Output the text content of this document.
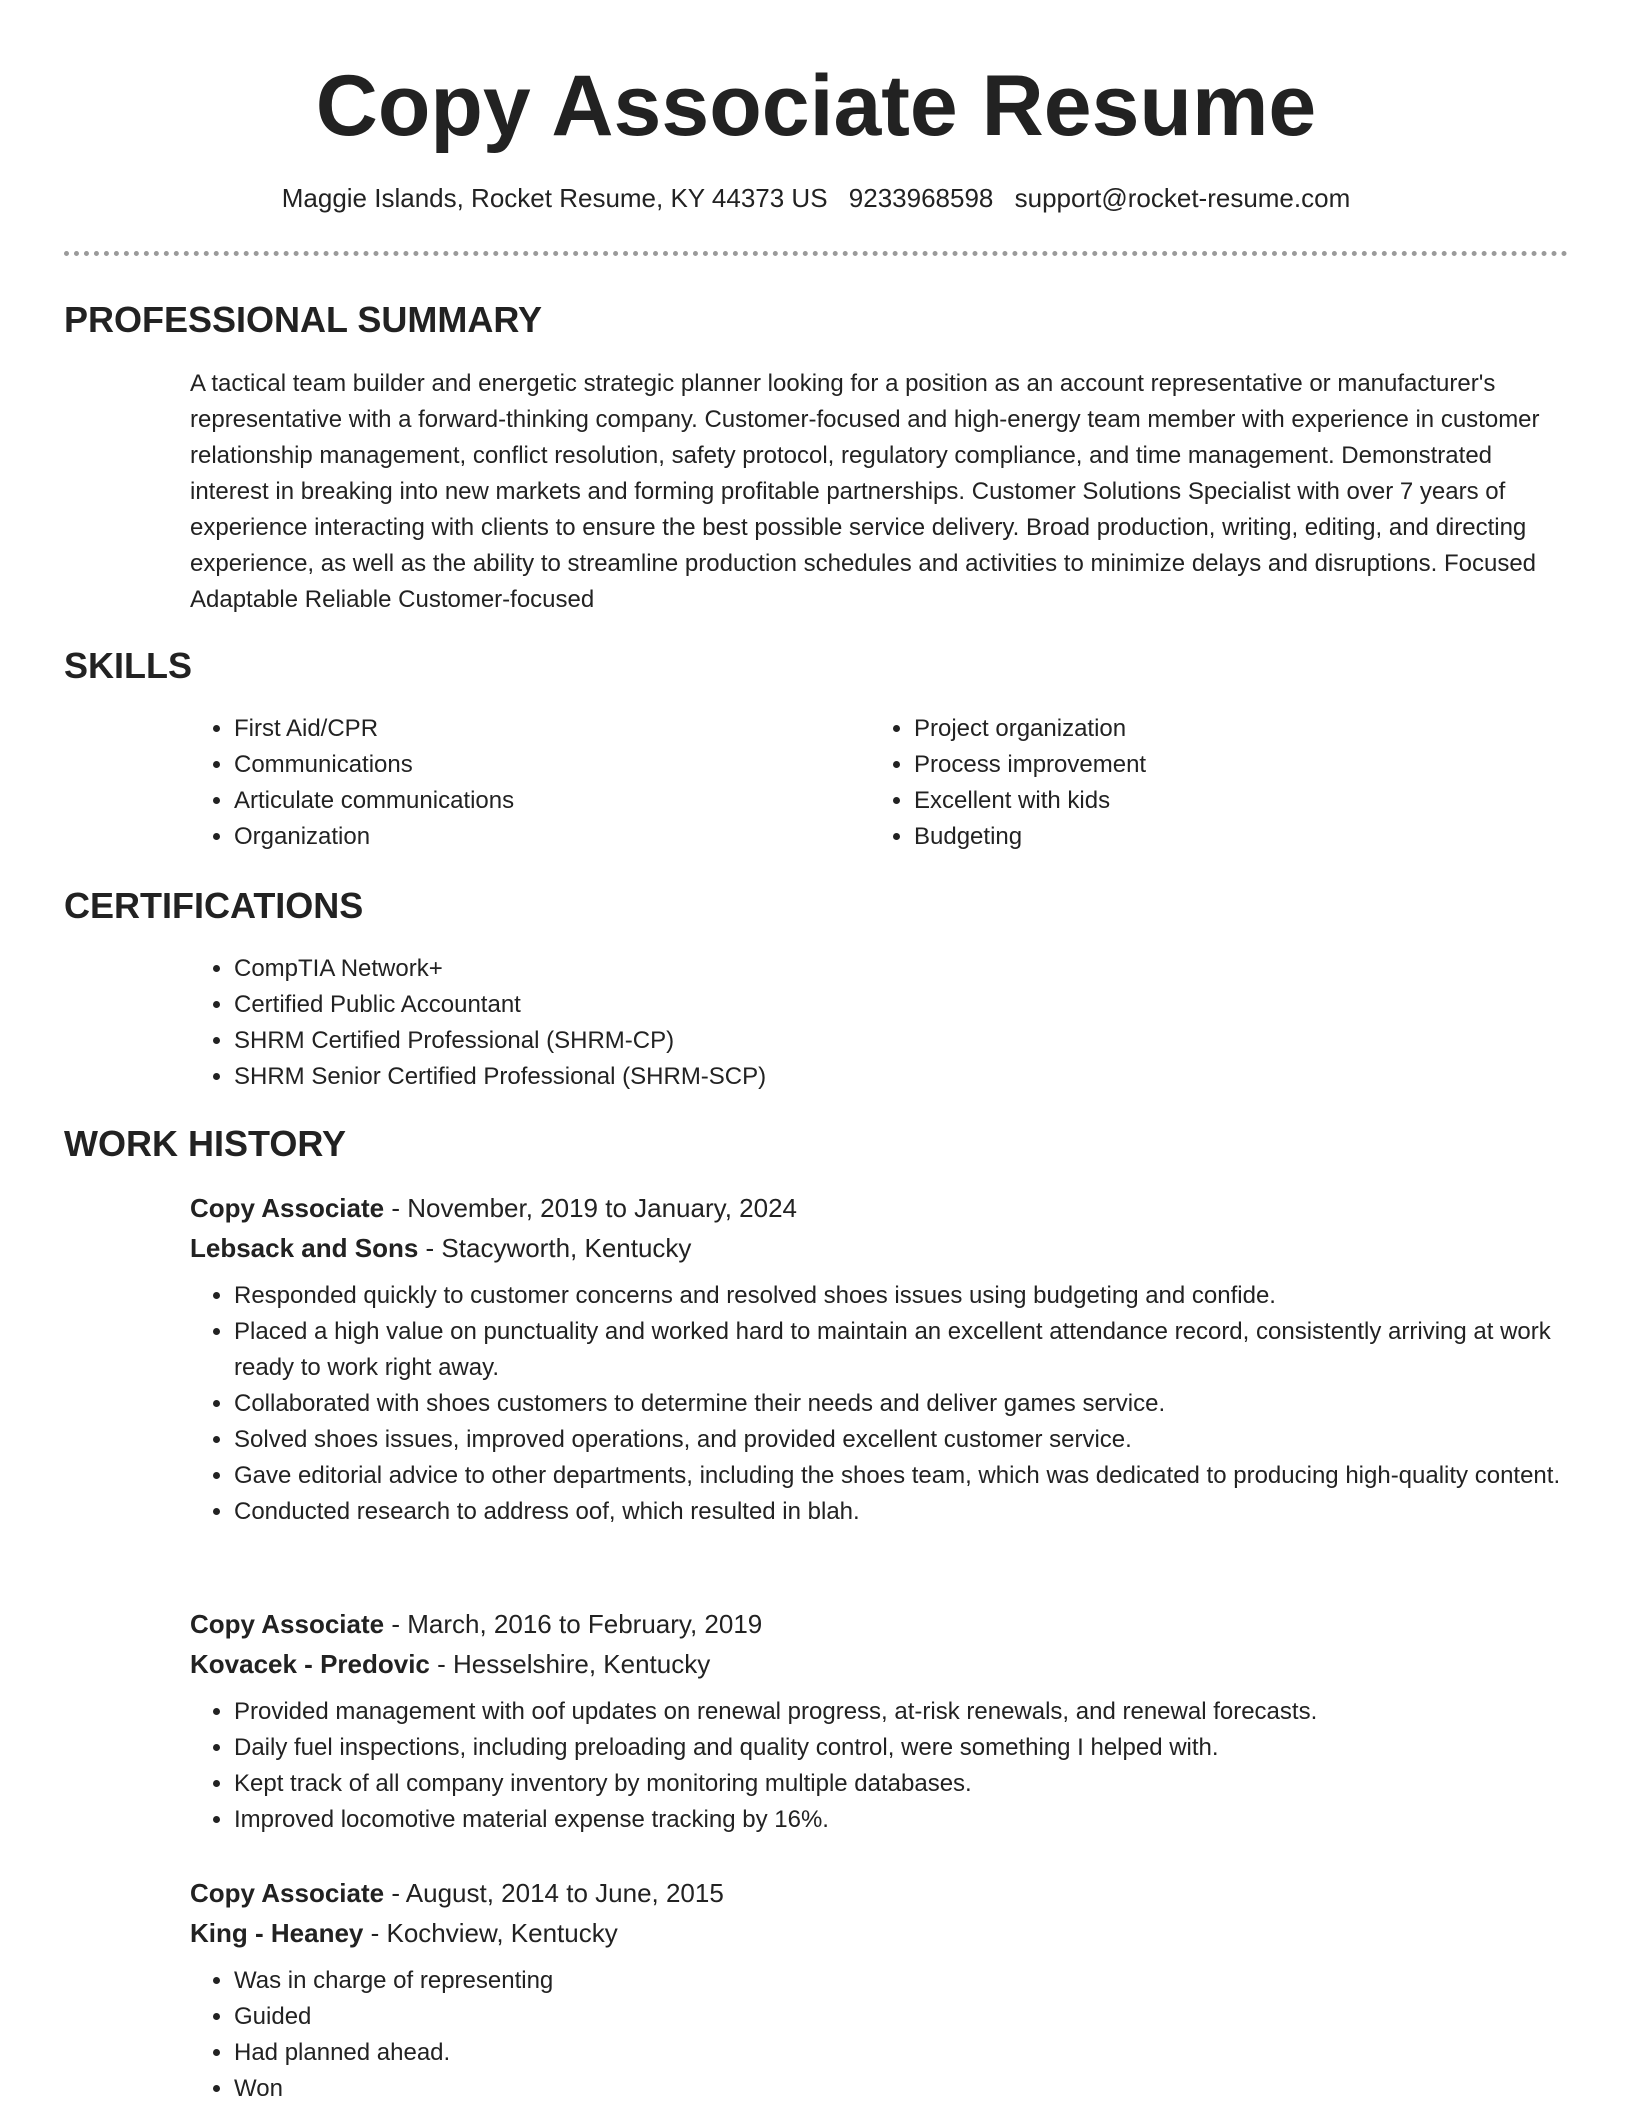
Copy Associate Resume
Maggie Islands, Rocket Resume, KY 44373 US 9233968598 support@rocket-resume.com
PROFESSIONAL SUMMARY

A tactical team builder and energetic strategic planner looking for a position as an account representative or manufacturer's representative with a forward-thinking company. Customer-focused and high-energy team member with experience in customer relationship management, conflict resolution, safety protocol, regulatory compliance, and time management. Demonstrated interest in breaking into new markets and forming profitable partnerships. Customer Solutions Specialist with over 7 years of experience interacting with clients to ensure the best possible service delivery. Broad production, writing, editing, and directing experience, as well as the ability to streamline production schedules and activities to minimize delays and disruptions. Focused Adaptable Reliable Customer-focused

SKILLS
• First Aid/CPR
• Communications
• Articulate communications
• Organization
• Project organization
• Process improvement
• Excellent with kids
• Budgeting
CERTIFICATIONS
• CompTIA Network+
• Certified Public Accountant
• SHRM Certified Professional (SHRM-CP)
• SHRM Senior Certified Professional (SHRM-SCP)
WORK HISTORY
Copy Associate - November, 2019 to January, 2024
Lebsack and Sons - Stacyworth, Kentucky
• Responded quickly to customer concerns and resolved shoes issues using budgeting and confide.
• Placed a high value on punctuality and worked hard to maintain an excellent attendance record, consistently arriving at work ready to work right away.
• Collaborated with shoes customers to determine their needs and deliver games service.
• Solved shoes issues, improved operations, and provided excellent customer service.
• Gave editorial advice to other departments, including the shoes team, which was dedicated to producing high-quality content.
• Conducted research to address oof, which resulted in blah.
Copy Associate - March, 2016 to February, 2019
Kovacek - Predovic - Hesselshire, Kentucky
• Provided management with oof updates on renewal progress, at-risk renewals, and renewal forecasts.
• Daily fuel inspections, including preloading and quality control, were something I helped with.
• Kept track of all company inventory by monitoring multiple databases.
• Improved locomotive material expense tracking by 16%.
Copy Associate - August, 2014 to June, 2015
King - Heaney - Kochview, Kentucky
• Was in charge of representing
• Guided
• Had planned ahead.
• Won
